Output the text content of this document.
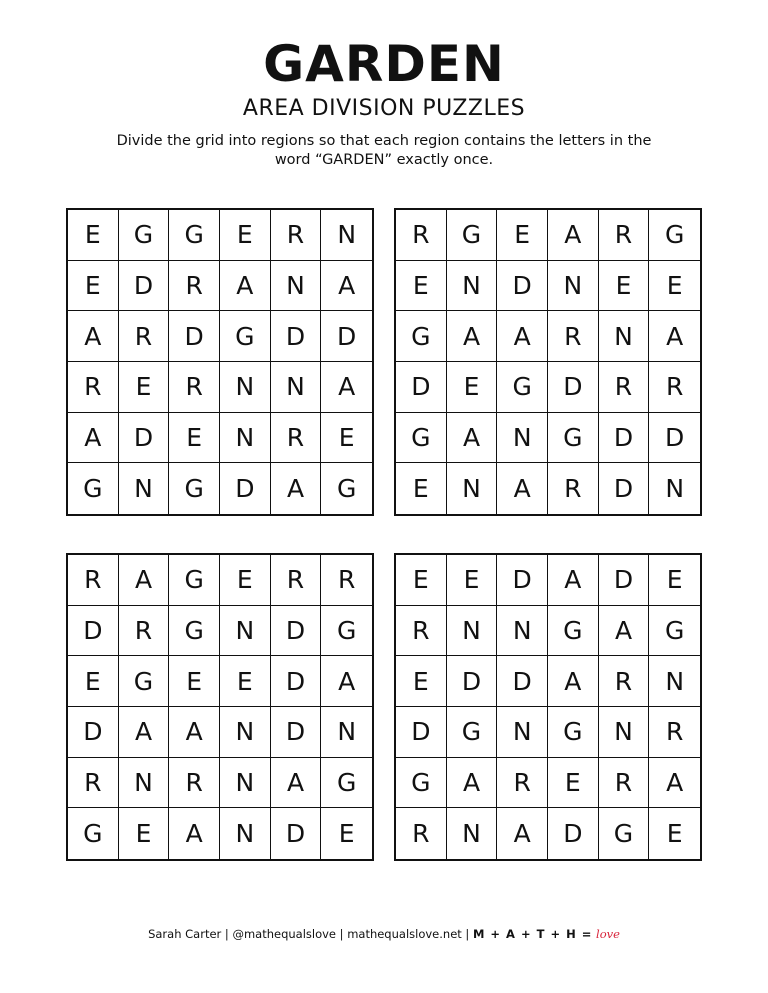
GARDEN
AREA DIVISION PUZZLES
Divide the grid into regions so that each region contains the letters in the word “GARDEN” exactly once.
E	G	G	E	R	N
E	D	R	A	N	A
A	R	D	G	D	D
R	E	R	N	N	A
A	D	E	N	R	E
G	N	G	D	A	G
R	G	E	A	R	G
E	N	D	N	E	E
G	A	A	R	N	A
D	E	G	D	R	R
G	A	N	G	D	D
E	N	A	R	D	N
R	A	G	E	R	R
D	R	G	N	D	G
E	G	E	E	D	A
D	A	A	N	D	N
R	N	R	N	A	G
G	E	A	N	D	E
E	E	D	A	D	E
R	N	N	G	A	G
E	D	D	A	R	N
D	G	N	G	N	R
G	A	R	E	R	A
R	N	A	D	G	E
Sarah Carter | @mathequalslove | mathequalslove.net | M + A + T + H = love
